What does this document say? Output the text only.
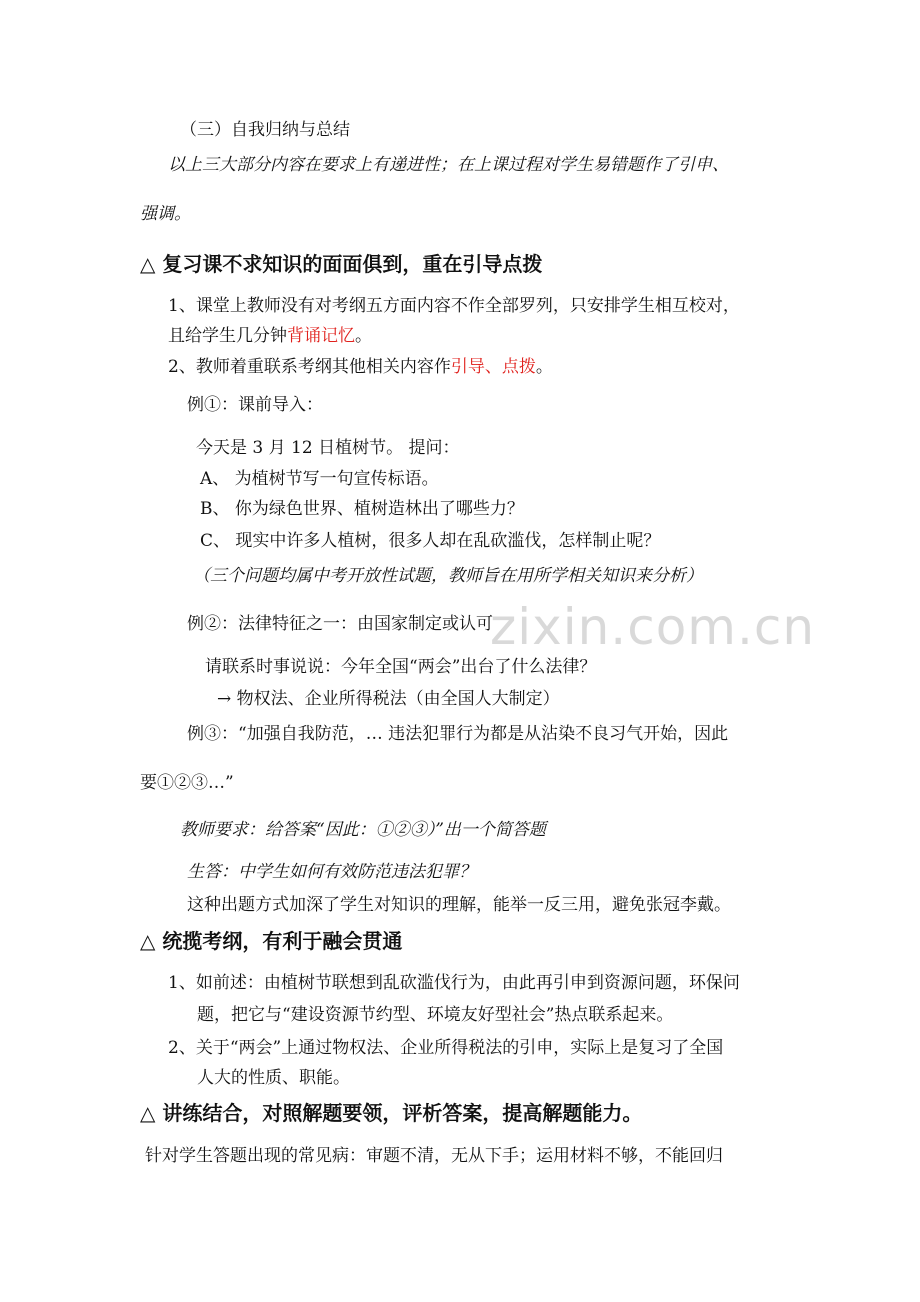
zixin.com.cn
（三）自我归纳与总结
以上三大部分内容在要求上有递进性；在上课过程对学生易错题作了引申、
强调。
△ 复习课不求知识的面面俱到，重在引导点拨
1、课堂上教师没有对考纲五方面内容不作全部罗列，只安排学生相互校对，
且给学生几分钟背诵记忆。
2、教师着重联系考纲其他相关内容作引导、点拨。
例①：课前导入：
今天是 3 月 12 日植树节。 提问：
A、 为植树节写一句宣传标语。
B、 你为绿色世界、植树造林出了哪些力？
C、 现实中许多人植树，很多人却在乱砍滥伐，怎样制止呢？
（三个问题均属中考开放性试题，教师旨在用所学相关知识来分析）
例②：法律特征之一：由国家制定或认可
请联系时事说说：今年全国“两会”出台了什么法律？
→ 物权法、企业所得税法（由全国人大制定）
例③：“加强自我防范，… 违法犯罪行为都是从沾染不良习气开始，因此
要①②③…”
教师要求：给答案“因此：①②③）”出一个简答题
生答：中学生如何有效防范违法犯罪？
这种出题方式加深了学生对知识的理解，能举一反三用，避免张冠李戴。
△ 统揽考纲，有利于融会贯通
1、如前述：由植树节联想到乱砍滥伐行为，由此再引申到资源问题，环保问
题，把它与“建设资源节约型、环境友好型社会”热点联系起来。
2、关于“两会”上通过物权法、企业所得税法的引申，实际上是复习了全国
人大的性质、职能。
△ 讲练结合，对照解题要领，评析答案，提高解题能力。
针对学生答题出现的常见病：审题不清，无从下手；运用材料不够，不能回归
